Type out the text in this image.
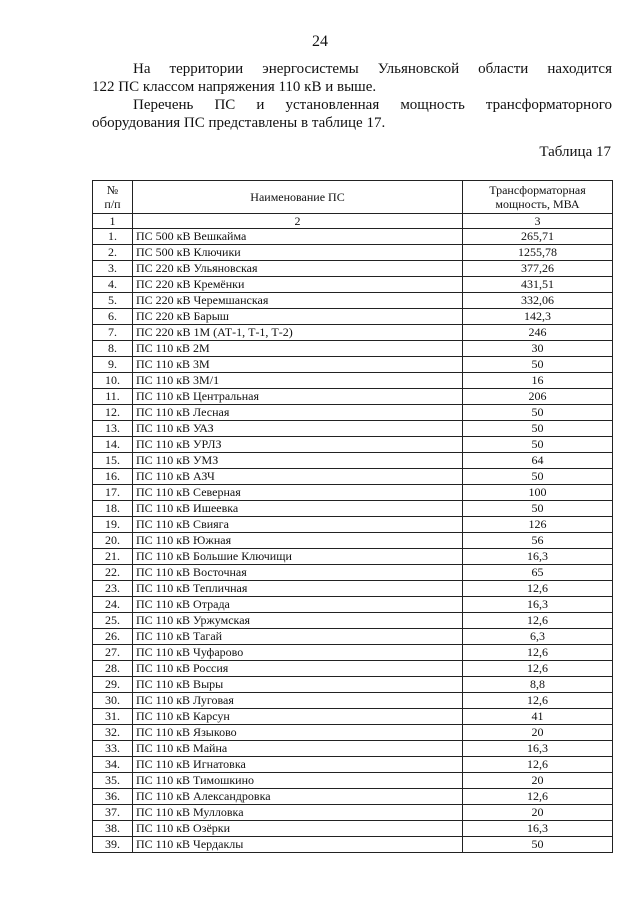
24
На территории энергосистемы Ульяновской области находится
122 ПС классом напряжения 110 кВ и выше.
Перечень ПС и установленная мощность трансформаторного
оборудования ПС представлены в таблице 17.
Таблица 17
№
п/п	Наименование ПС	Трансформаторная
мощность, МВА
1	2	3
1.	ПС 500 кВ Вешкайма	265,71
2.	ПС 500 кВ Ключики	1255,78
3.	ПС 220 кВ Ульяновская	377,26
4.	ПС 220 кВ Кремёнки	431,51
5.	ПС 220 кВ Черемшанская	332,06
6.	ПС 220 кВ Барыш	142,3
7.	ПС 220 кВ 1М (АТ-1, Т-1, Т-2)	246
8.	ПС 110 кВ 2М	30
9.	ПС 110 кВ 3М	50
10.	ПС 110 кВ 3М/1	16
11.	ПС 110 кВ Центральная	206
12.	ПС 110 кВ Лесная	50
13.	ПС 110 кВ УАЗ	50
14.	ПС 110 кВ УРЛЗ	50
15.	ПС 110 кВ УМЗ	64
16.	ПС 110 кВ АЗЧ	50
17.	ПС 110 кВ Северная	100
18.	ПС 110 кВ Ишеевка	50
19.	ПС 110 кВ Свияга	126
20.	ПС 110 кВ Южная	56
21.	ПС 110 кВ Большие Ключищи	16,3
22.	ПС 110 кВ Восточная	65
23.	ПС 110 кВ Тепличная	12,6
24.	ПС 110 кВ Отрада	16,3
25.	ПС 110 кВ Уржумская	12,6
26.	ПС 110 кВ Тагай	6,3
27.	ПС 110 кВ Чуфарово	12,6
28.	ПС 110 кВ Россия	12,6
29.	ПС 110 кВ Выры	8,8
30.	ПС 110 кВ Луговая	12,6
31.	ПС 110 кВ Карсун	41
32.	ПС 110 кВ Языково	20
33.	ПС 110 кВ Майна	16,3
34.	ПС 110 кВ Игнатовка	12,6
35.	ПС 110 кВ Тимошкино	20
36.	ПС 110 кВ Александровка	12,6
37.	ПС 110 кВ Мулловка	20
38.	ПС 110 кВ Озёрки	16,3
39.	ПС 110 кВ Чердаклы	50
